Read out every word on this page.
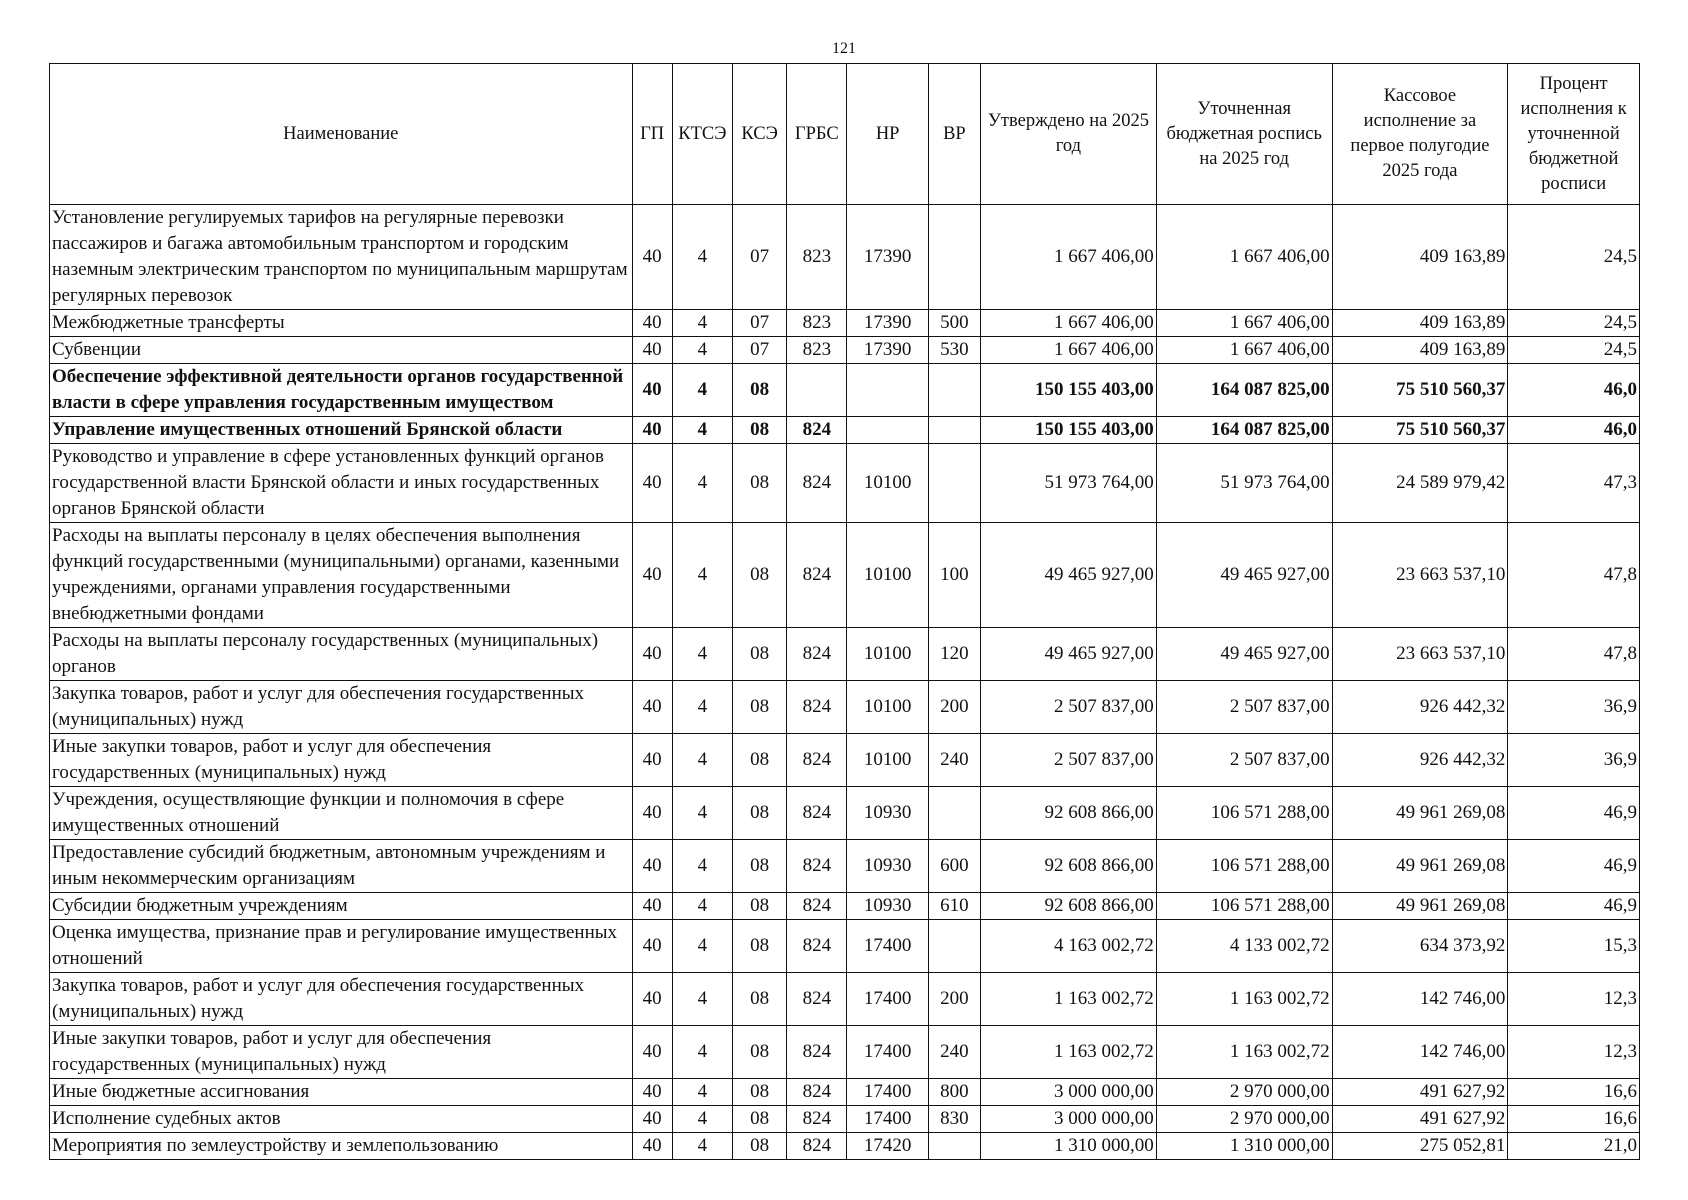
121
Наименование	ГП	КТСЭ	КСЭ	ГРБС	НР	ВР	Утверждено на 2025 год	Уточненная бюджетная роспись на 2025 год	Кассовое исполнение за первое полугодие 2025 года	Процент исполнения к уточненной бюджетной росписи
Установление регулируемых тарифов на регулярные перевозки пассажиров и багажа автомобильным транспортом и городским наземным электрическим транспортом по муниципальным маршрутам регулярных перевозок	40	4	07	823	17390		1 667 406,00	1 667 406,00	409 163,89	24,5
Межбюджетные трансферты	40	4	07	823	17390	500	1 667 406,00	1 667 406,00	409 163,89	24,5
Субвенции	40	4	07	823	17390	530	1 667 406,00	1 667 406,00	409 163,89	24,5
Обеспечение эффективной деятельности органов государственной власти в сфере управления государственным имуществом	40	4	08				150 155 403,00	164 087 825,00	75 510 560,37	46,0
Управление имущественных отношений Брянской области	40	4	08	824			150 155 403,00	164 087 825,00	75 510 560,37	46,0
Руководство и управление в сфере установленных функций органов государственной власти Брянской области и иных государственных органов Брянской области	40	4	08	824	10100		51 973 764,00	51 973 764,00	24 589 979,42	47,3
Расходы на выплаты персоналу в целях обеспечения выполнения функций государственными (муниципальными) органами, казенными учреждениями, органами управления государственными внебюджетными фондами	40	4	08	824	10100	100	49 465 927,00	49 465 927,00	23 663 537,10	47,8
Расходы на выплаты персоналу государственных (муниципальных) органов	40	4	08	824	10100	120	49 465 927,00	49 465 927,00	23 663 537,10	47,8
Закупка товаров, работ и услуг для обеспечения государственных (муниципальных) нужд	40	4	08	824	10100	200	2 507 837,00	2 507 837,00	926 442,32	36,9
Иные закупки товаров, работ и услуг для обеспечения государственных (муниципальных) нужд	40	4	08	824	10100	240	2 507 837,00	2 507 837,00	926 442,32	36,9
Учреждения, осуществляющие функции и полномочия в сфере имущественных отношений	40	4	08	824	10930		92 608 866,00	106 571 288,00	49 961 269,08	46,9
Предоставление субсидий бюджетным, автономным учреждениям и иным некоммерческим организациям	40	4	08	824	10930	600	92 608 866,00	106 571 288,00	49 961 269,08	46,9
Субсидии бюджетным учреждениям	40	4	08	824	10930	610	92 608 866,00	106 571 288,00	49 961 269,08	46,9
Оценка имущества, признание прав и регулирование имущественных отношений	40	4	08	824	17400		4 163 002,72	4 133 002,72	634 373,92	15,3
Закупка товаров, работ и услуг для обеспечения государственных (муниципальных) нужд	40	4	08	824	17400	200	1 163 002,72	1 163 002,72	142 746,00	12,3
Иные закупки товаров, работ и услуг для обеспечения государственных (муниципальных) нужд	40	4	08	824	17400	240	1 163 002,72	1 163 002,72	142 746,00	12,3
Иные бюджетные ассигнования	40	4	08	824	17400	800	3 000 000,00	2 970 000,00	491 627,92	16,6
Исполнение судебных актов	40	4	08	824	17400	830	3 000 000,00	2 970 000,00	491 627,92	16,6
Мероприятия по землеустройству и землепользованию	40	4	08	824	17420		1 310 000,00	1 310 000,00	275 052,81	21,0
